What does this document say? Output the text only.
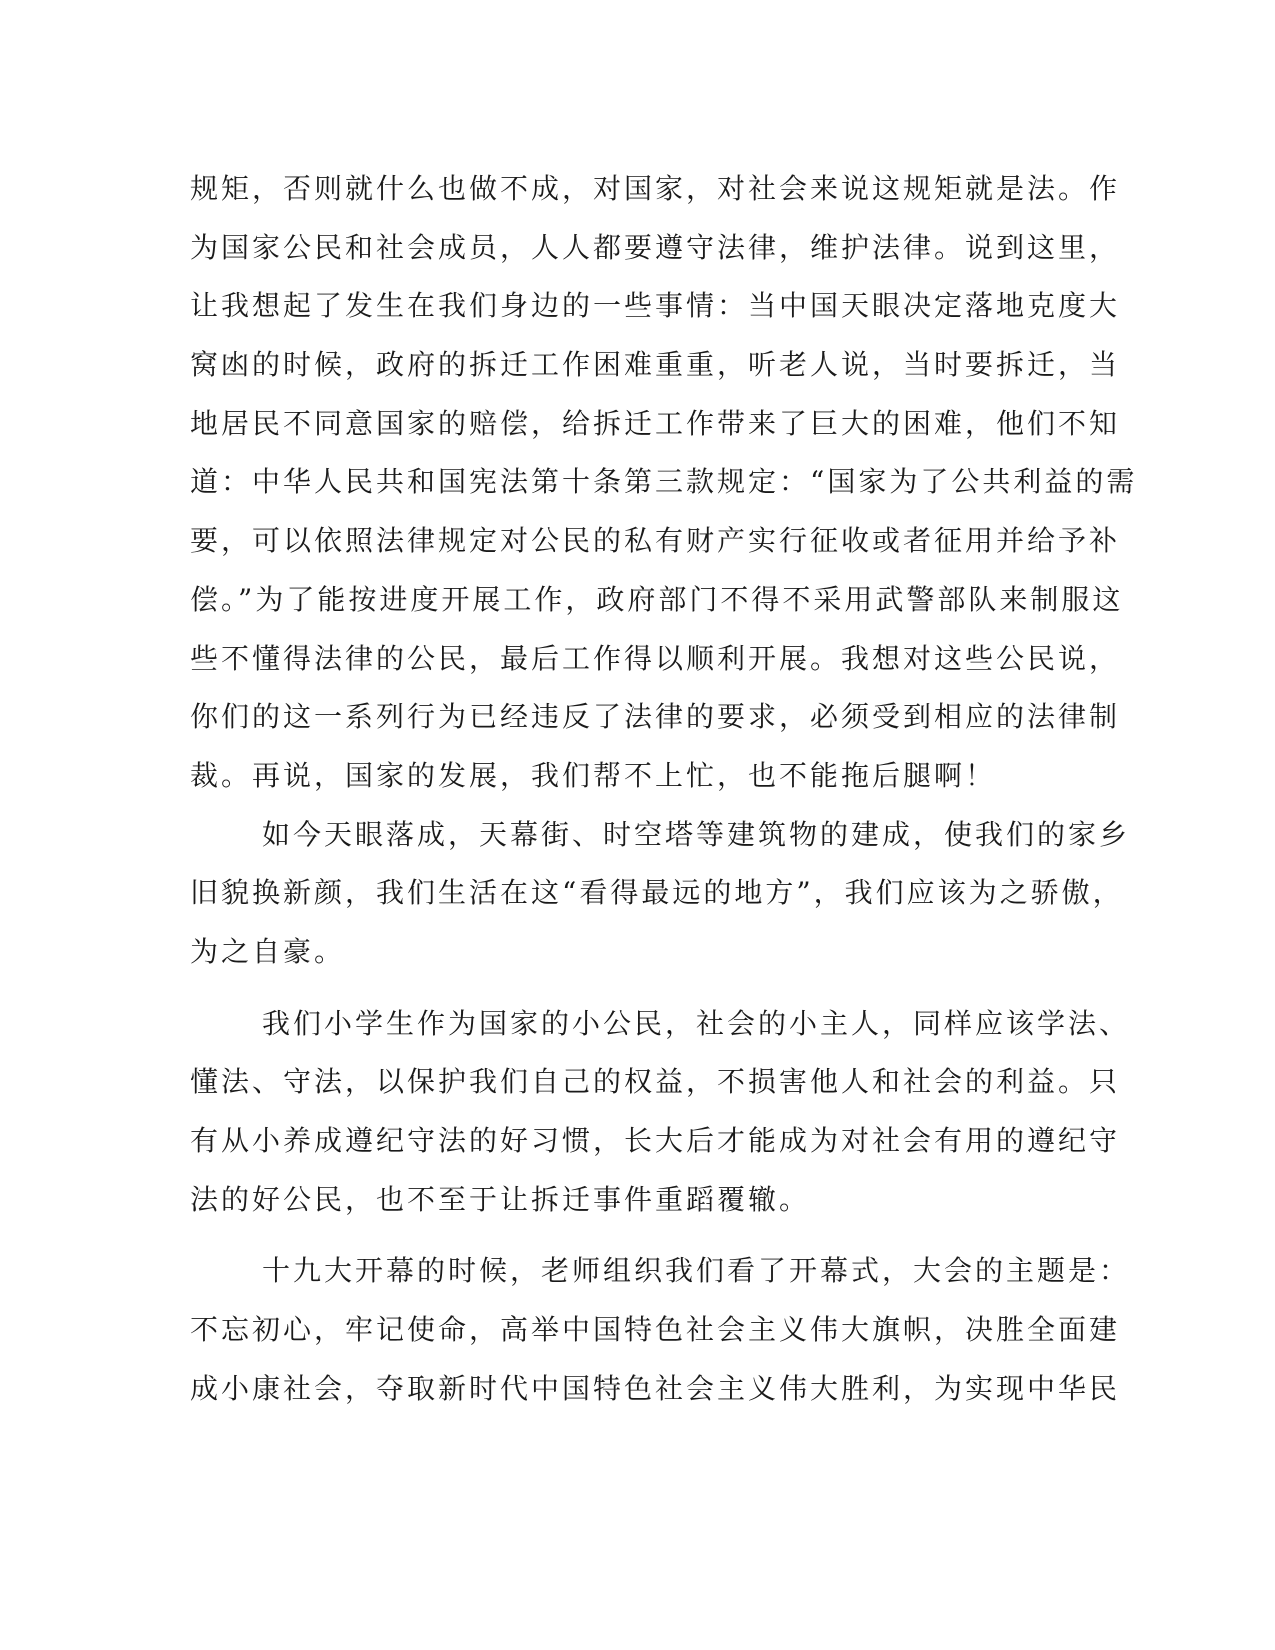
规矩，否则就什么也做不成，对国家，对社会来说这规矩就是法。作
为国家公民和社会成员，人人都要遵守法律，维护法律。说到这里，
让我想起了发生在我们身边的一些事情：当中国天眼决定落地克度大
窝凼的时候，政府的拆迁工作困难重重，听老人说，当时要拆迁，当
地居民不同意国家的赔偿，给拆迁工作带来了巨大的困难，他们不知
道：中华人民共和国宪法第十条第三款规定：“国家为了公共利益的需
要，可以依照法律规定对公民的私有财产实行征收或者征用并给予补
偿。”为了能按进度开展工作，政府部门不得不采用武警部队来制服这
些不懂得法律的公民，最后工作得以顺利开展。我想对这些公民说，
你们的这一系列行为已经违反了法律的要求，必须受到相应的法律制
裁。再说，国家的发展，我们帮不上忙，也不能拖后腿啊！
如今天眼落成，天幕街、时空塔等建筑物的建成，使我们的家乡
旧貌换新颜，我们生活在这“看得最远的地方”，我们应该为之骄傲，
为之自豪。
我们小学生作为国家的小公民，社会的小主人，同样应该学法、
懂法、守法，以保护我们自己的权益，不损害他人和社会的利益。只
有从小养成遵纪守法的好习惯，长大后才能成为对社会有用的遵纪守
法的好公民，也不至于让拆迁事件重蹈覆辙。
十九大开幕的时候，老师组织我们看了开幕式，大会的主题是：
不忘初心，牢记使命，高举中国特色社会主义伟大旗帜，决胜全面建
成小康社会，夺取新时代中国特色社会主义伟大胜利，为实现中华民
